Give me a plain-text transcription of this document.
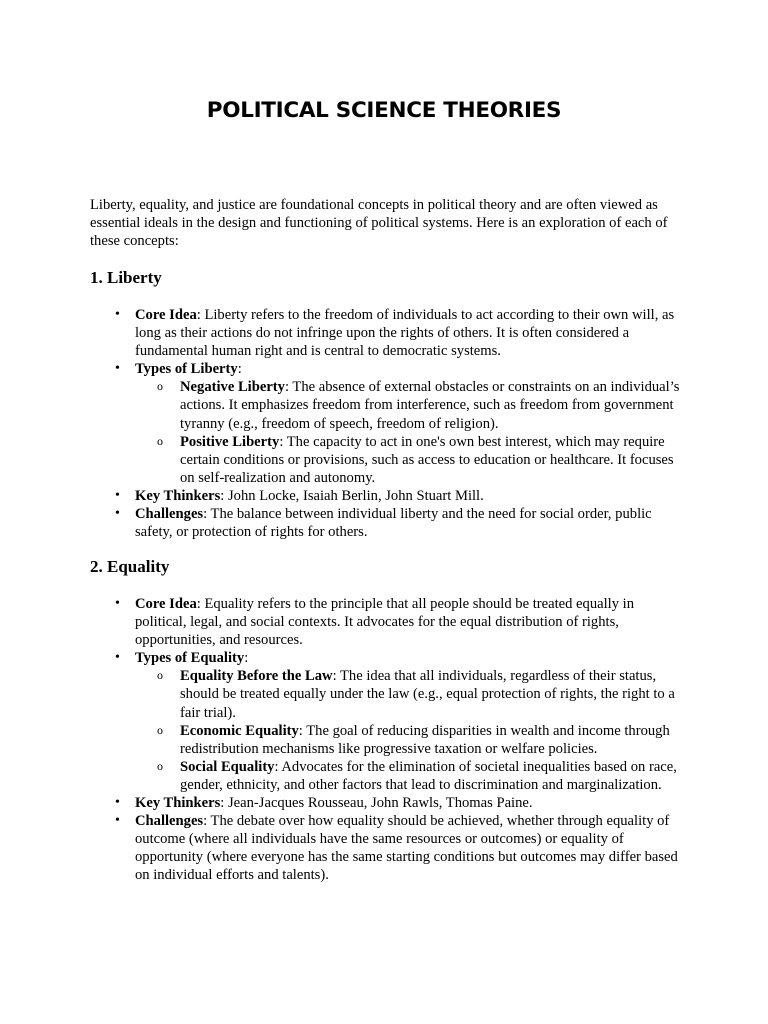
POLITICAL SCIENCE THEORIES

Liberty, equality, and justice are foundational concepts in political theory and are often viewed as essential ideals in the design and functioning of political systems. Here is an exploration of each of these concepts:

1. Liberty
• Core Idea: Liberty refers to the freedom of individuals to act according to their own will, as long as their actions do not infringe upon the rights of others. It is often considered a fundamental human right and is central to democratic systems.
• Types of Liberty:
o Negative Liberty: The absence of external obstacles or constraints on an individual’s actions. It emphasizes freedom from interference, such as freedom from government tyranny (e.g., freedom of speech, freedom of religion).
o Positive Liberty: The capacity to act in one's own best interest, which may require certain conditions or provisions, such as access to education or healthcare. It focuses on self-realization and autonomy.
• Key Thinkers: John Locke, Isaiah Berlin, John Stuart Mill.
• Challenges: The balance between individual liberty and the need for social order, public safety, or protection of rights for others.
2. Equality
• Core Idea: Equality refers to the principle that all people should be treated equally in political, legal, and social contexts. It advocates for the equal distribution of rights, opportunities, and resources.
• Types of Equality:
o Equality Before the Law: The idea that all individuals, regardless of their status, should be treated equally under the law (e.g., equal protection of rights, the right to a fair trial).
o Economic Equality: The goal of reducing disparities in wealth and income through redistribution mechanisms like progressive taxation or welfare policies.
o Social Equality: Advocates for the elimination of societal inequalities based on race, gender, ethnicity, and other factors that lead to discrimination and marginalization.
• Key Thinkers: Jean-Jacques Rousseau, John Rawls, Thomas Paine.
• Challenges: The debate over how equality should be achieved, whether through equality of outcome (where all individuals have the same resources or outcomes) or equality of opportunity (where everyone has the same starting conditions but outcomes may differ based on individual efforts and talents).
